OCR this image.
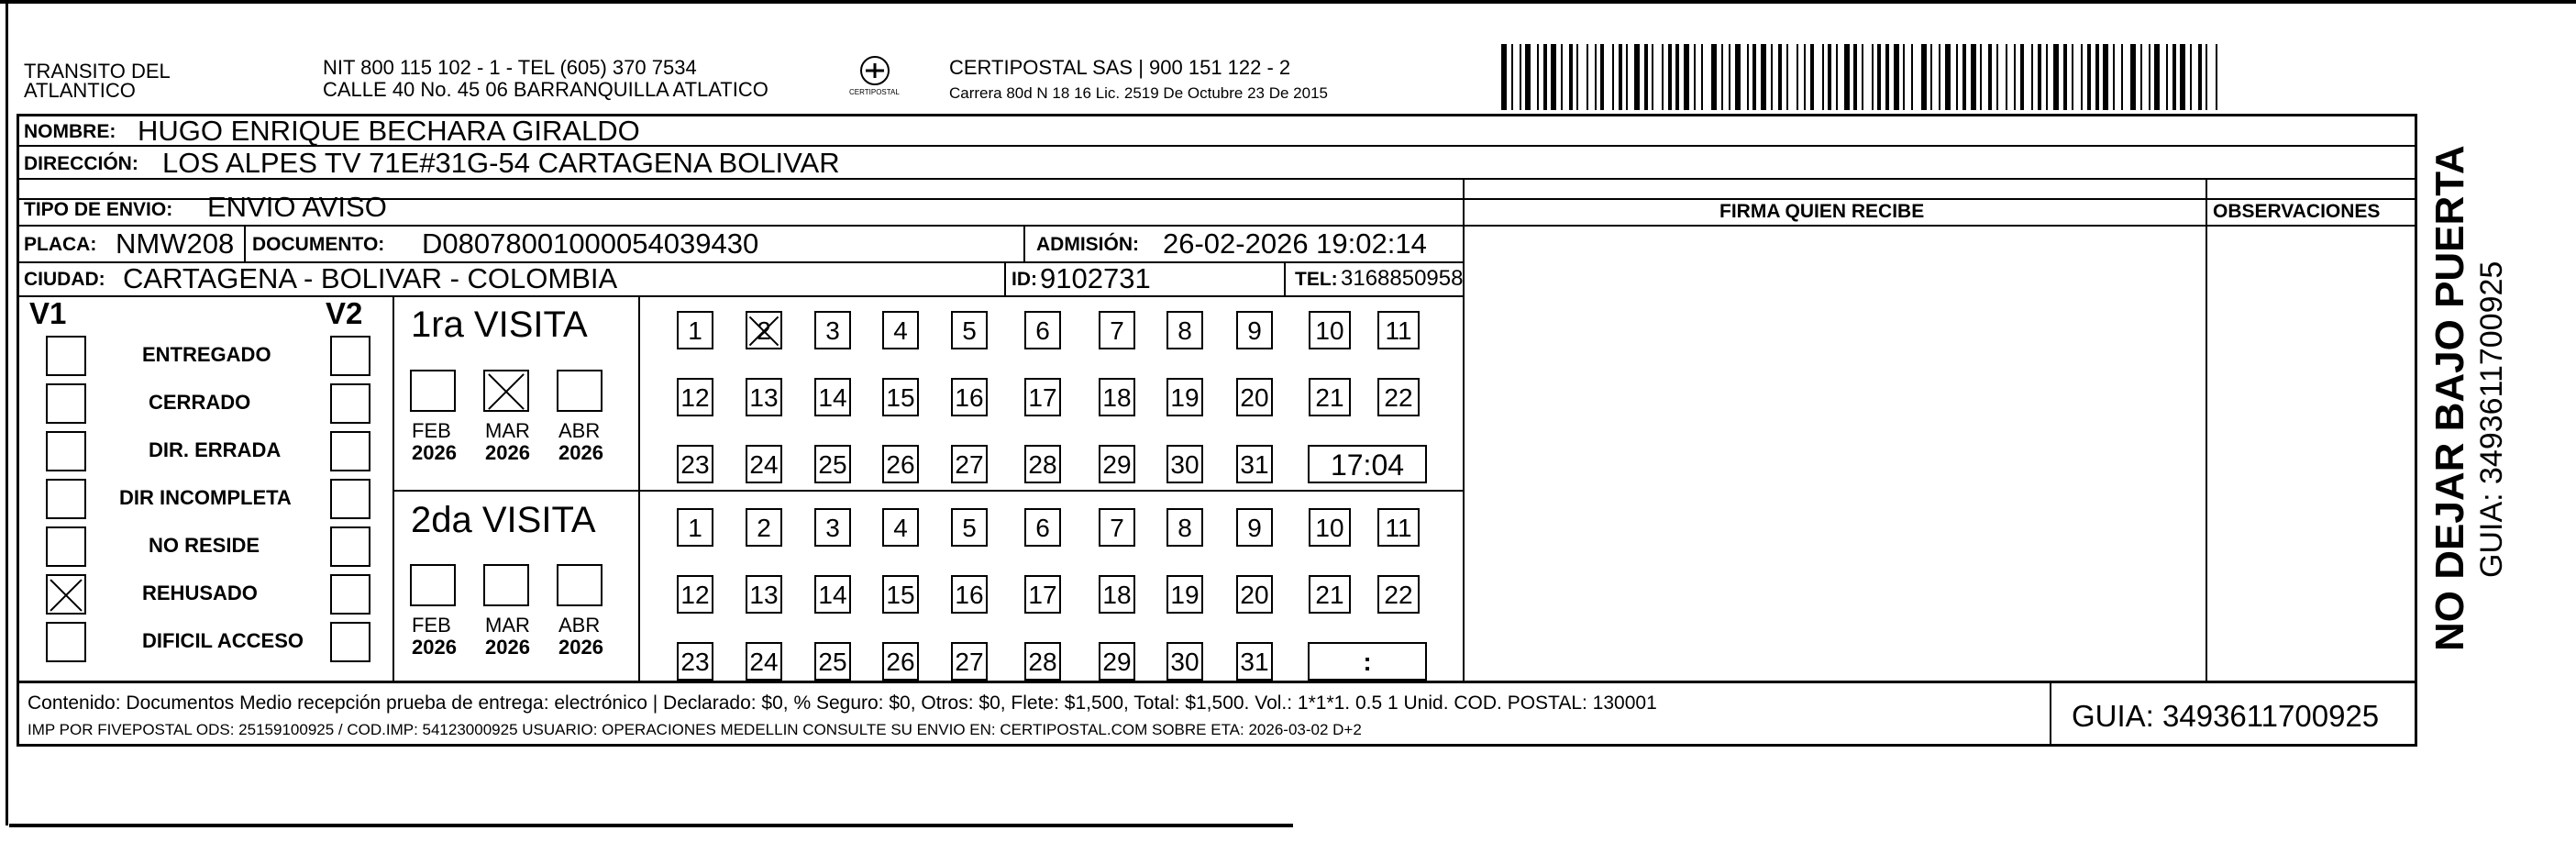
TRANSITO DEL
ATLANTICO
NIT 800 115 102 - 1 - TEL (605) 370 7534
CALLE 40 No. 45 06 BARRANQUILLA ATLATICO	CERTIPOSTAL
CERTIPOSTAL SAS | 900 151 122 - 2
Carrera 80d N 18 16 Lic. 2519 De Octubre 23 De 2015
NOMBRE: HUGO ENRIQUE BECHARA GIRALDO
DIRECCIÓN: LOS ALPES TV 71E#31G-54 CARTAGENA BOLIVAR
TIPO DE ENVIO: ENVIO AVISO	FIRMA QUIEN RECIBE	OBSERVACIONES
PLACA: NMW208 DOCUMENTO: D08078001000054039430	ADMISIÓN: 26-02-2026 19:02:14
CIUDAD: CARTAGENA - BOLIVAR - COLOMBIA	ID: 9102731	TEL: 3168850958
V1	V2
ENTREGADO
CERRADO
DIR. ERRADA
DIR INCOMPLETA
NO RESIDE
REHUSADO
DIFICIL ACCESO
1ra VISITA
2da VISITA
FEB
2026
MAR
2026
ABR
2026
FEB
2026
MAR
2026
ABR
2026
1	2	3	4	5	6	7	8	9	10	11
12 13 14 15 16 17 18 19 20 21 22
23 24 25 26 27 28 29 30 31	17:04
1	2	3	4	5	6	7	8	9	10	11
12 13 14 15 16 17 18 19 20 21 22
23 24 25 26 27 28 29 30 31	:
Contenido: Documentos Medio recepción prueba de entrega: electrónico | Declarado: $0, % Seguro: $0, Otros: $0, Flete: $1,500, Total: $1,500. Vol.: 1*1*1. 0.5 1 Unid. COD. POSTAL: 130001
IMP POR FIVEPOSTAL ODS: 25159100925 / COD.IMP: 54123000925 USUARIO: OPERACIONES MEDELLIN CONSULTE SU ENVIO EN: CERTIPOSTAL.COM SOBRE ETA: 2026-03-02 D+2	GUIA: 3493611700925
NO DEJAR BAJO PUERTA GUIA: 3493611700925
